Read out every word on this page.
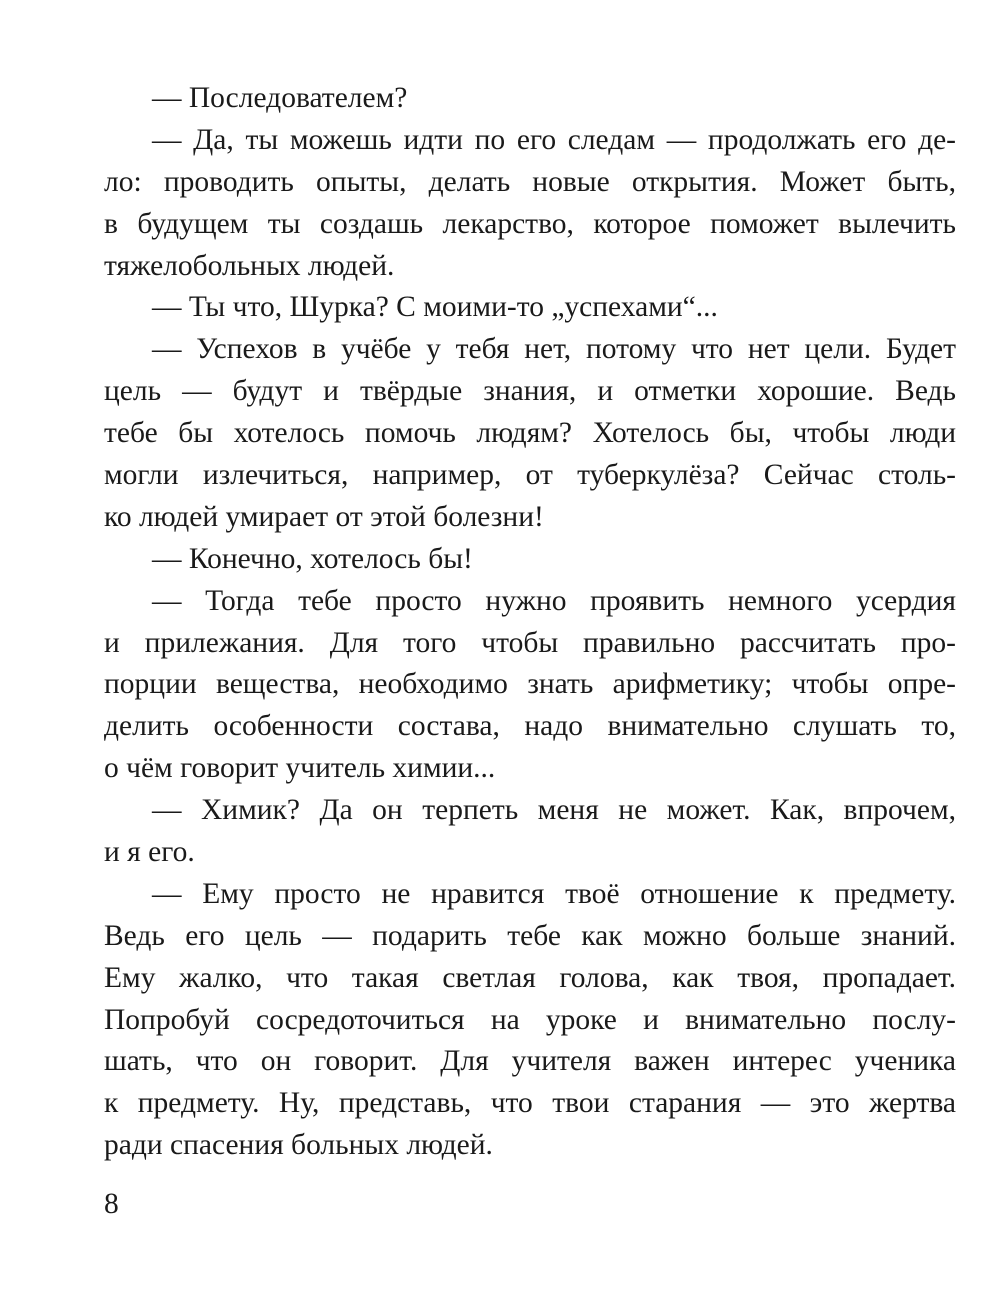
— Последователем?
— Да, ты можешь идти по его следам — продолжать его де-
ло: проводить опыты, делать новые открытия. Может быть,
в будущем ты создашь лекарство, которое поможет вылечить
тяжелобольных людей.
— Ты что, Шурка? С моими-то „успехами“...
— Успехов в учёбе у тебя нет, потому что нет цели. Будет
цель — будут и твёрдые знания, и отметки хорошие. Ведь
тебе бы хотелось помочь людям? Хотелось бы, чтобы люди
могли излечиться, например, от туберкулёза? Сейчас столь-
ко людей умирает от этой болезни!
— Конечно, хотелось бы!
— Тогда тебе просто нужно проявить немного усердия
и прилежания. Для того чтобы правильно рассчитать про-
порции вещества, необходимо знать арифметику; чтобы опре-
делить особенности состава, надо внимательно слушать то,
о чём говорит учитель химии...
— Химик? Да он терпеть меня не может. Как, впрочем,
и я его.
— Ему просто не нравится твоё отношение к предмету.
Ведь его цель — подарить тебе как можно больше знаний.
Ему жалко, что такая светлая голова, как твоя, пропадает.
Попробуй сосредоточиться на уроке и внимательно послу-
шать, что он говорит. Для учителя важен интерес ученика
к предмету. Ну, представь, что твои старания — это жертва
ради спасения больных людей.
8
